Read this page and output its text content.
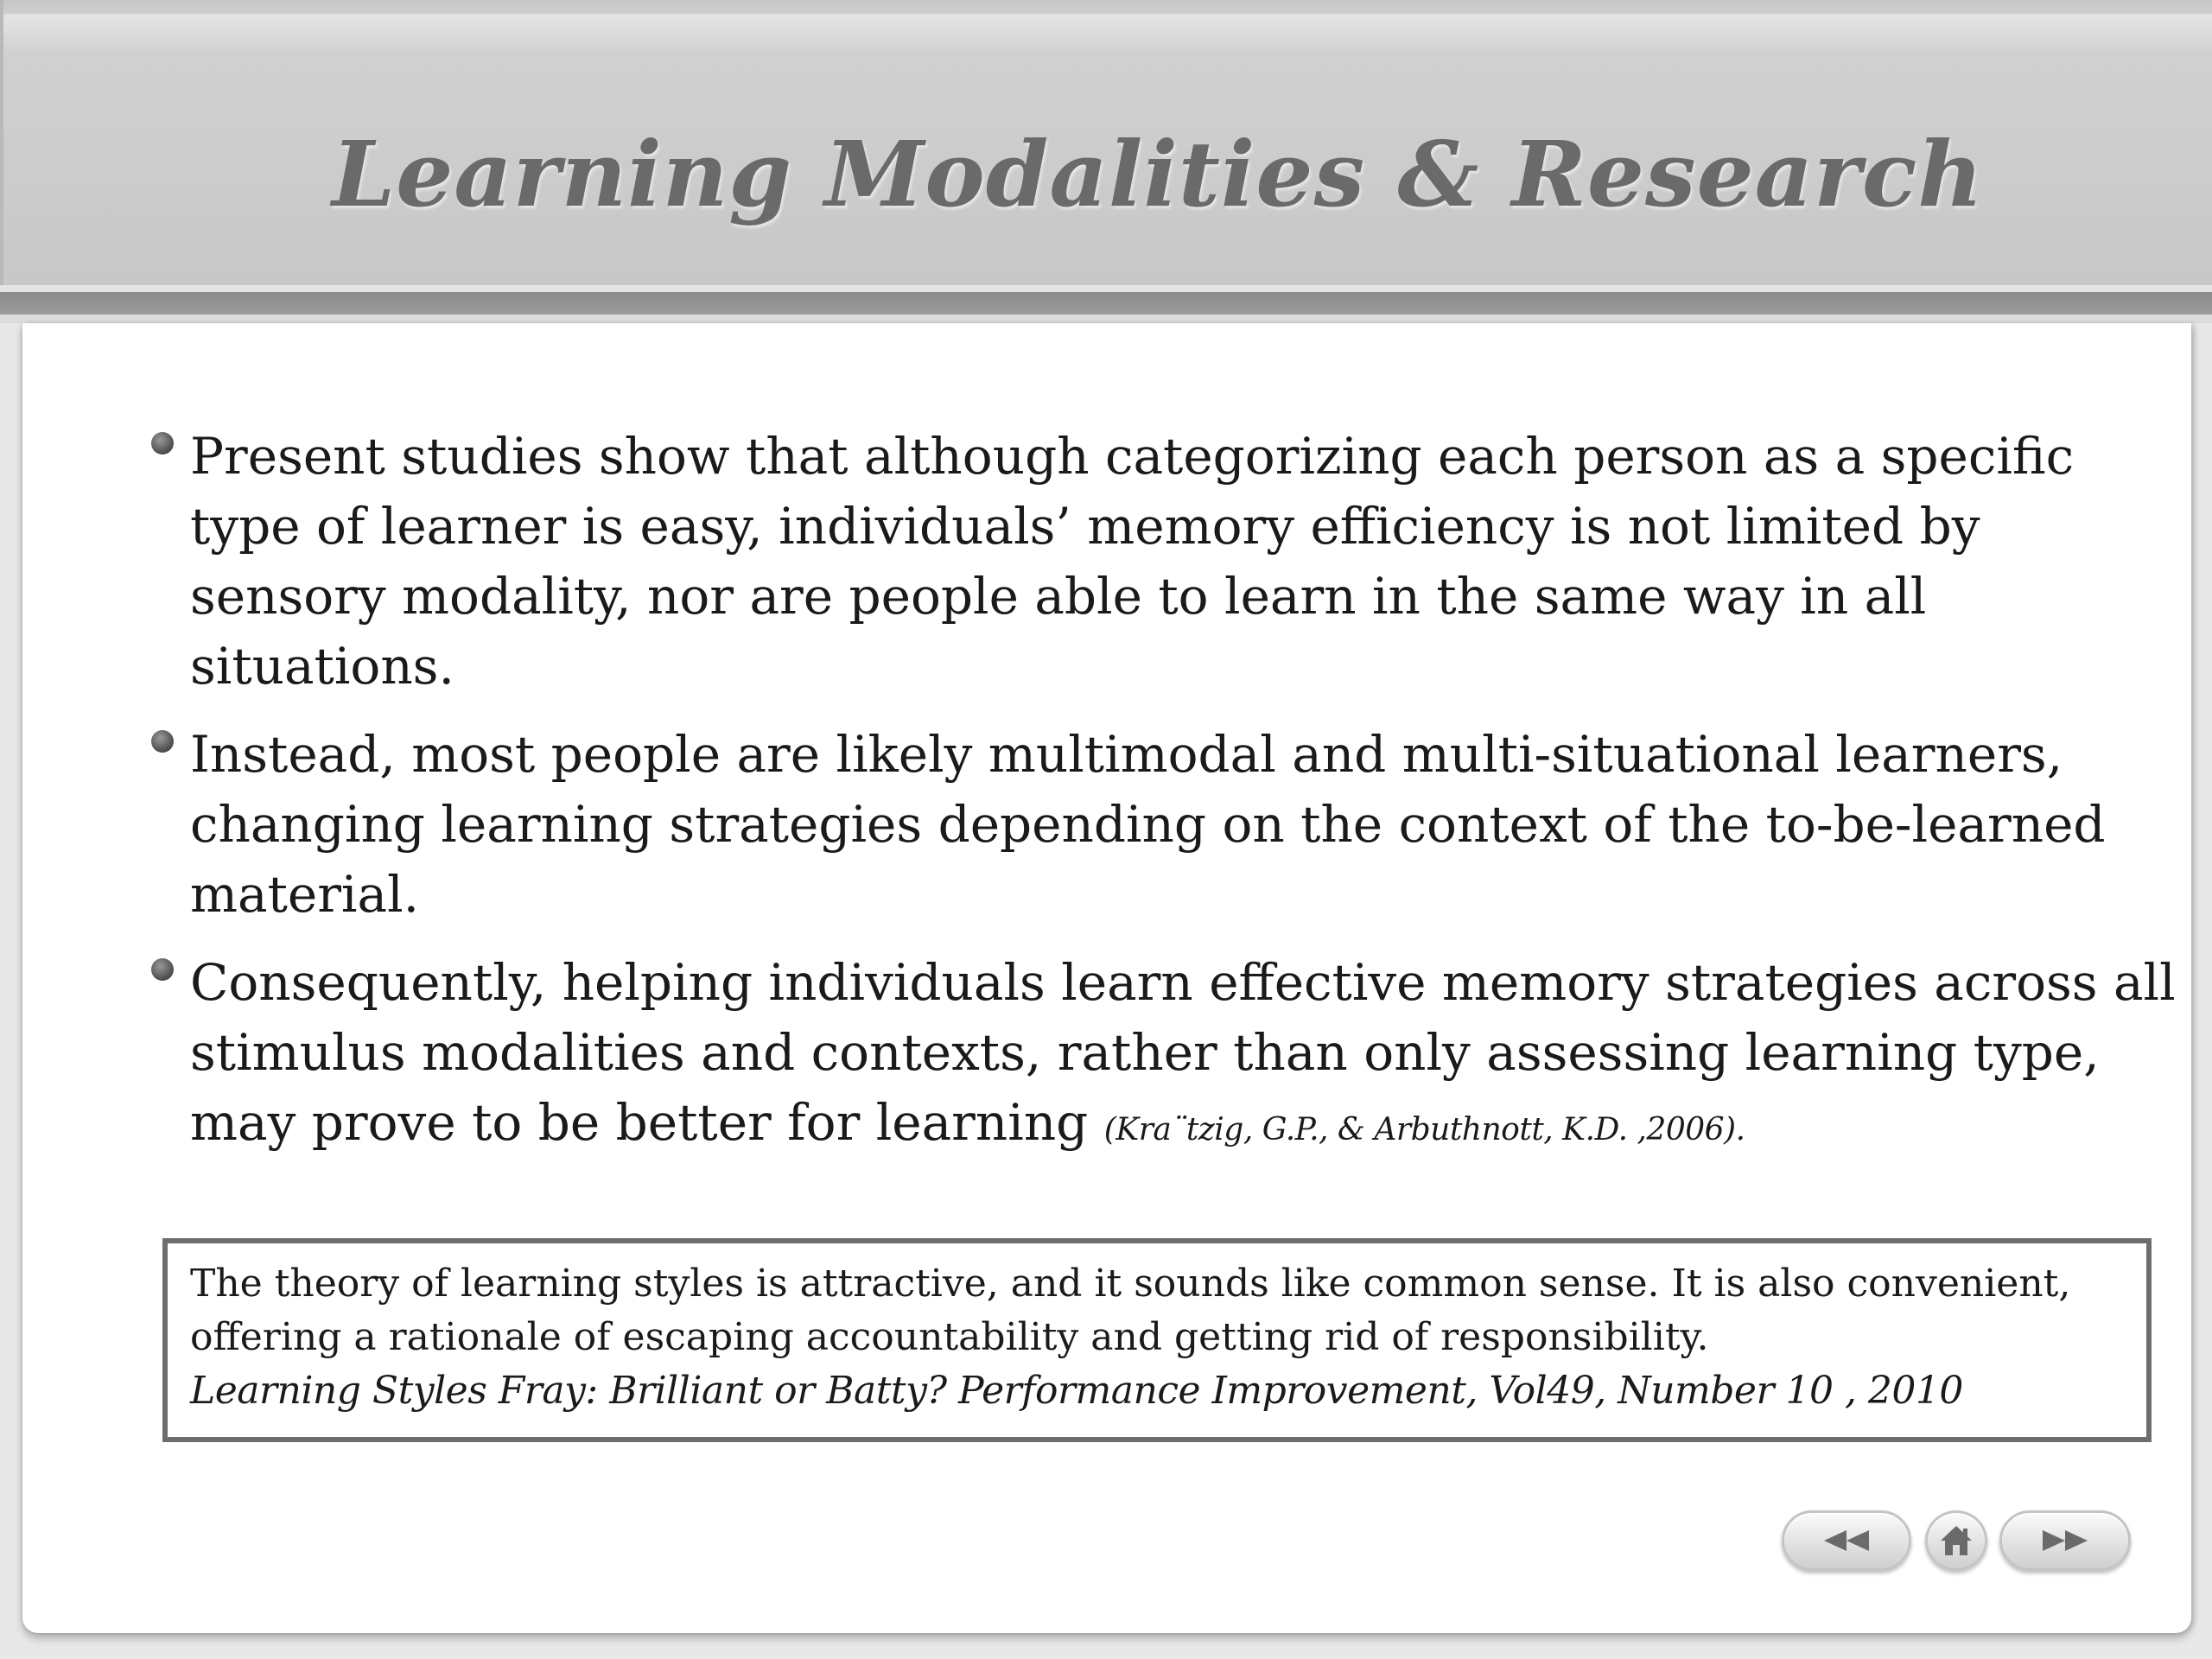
Learning Modalities & Research
Present studies show that although categorizing each person as a specific type of learner is easy, individuals’ memory efficiency is not limited by sensory modality, nor are people able to learn in the same way in all situations.
Instead, most people are likely multimodal and multi-situational learners, changing learning strategies depending on the context of the to-be-learned material.
Consequently, helping individuals learn effective memory strategies across all stimulus modalities and contexts, rather than only assessing learning type, may prove to be better for learning (Kra¨tzig, G.P., & Arbuthnott, K.D. ,2006).
The theory of learning styles is attractive, and it sounds like common sense. It is also convenient, offering a rationale of escaping accountability and getting rid of responsibility.
Learning Styles Fray: Brilliant or Batty? Performance Improvement, Vol49, Number 10 , 2010
